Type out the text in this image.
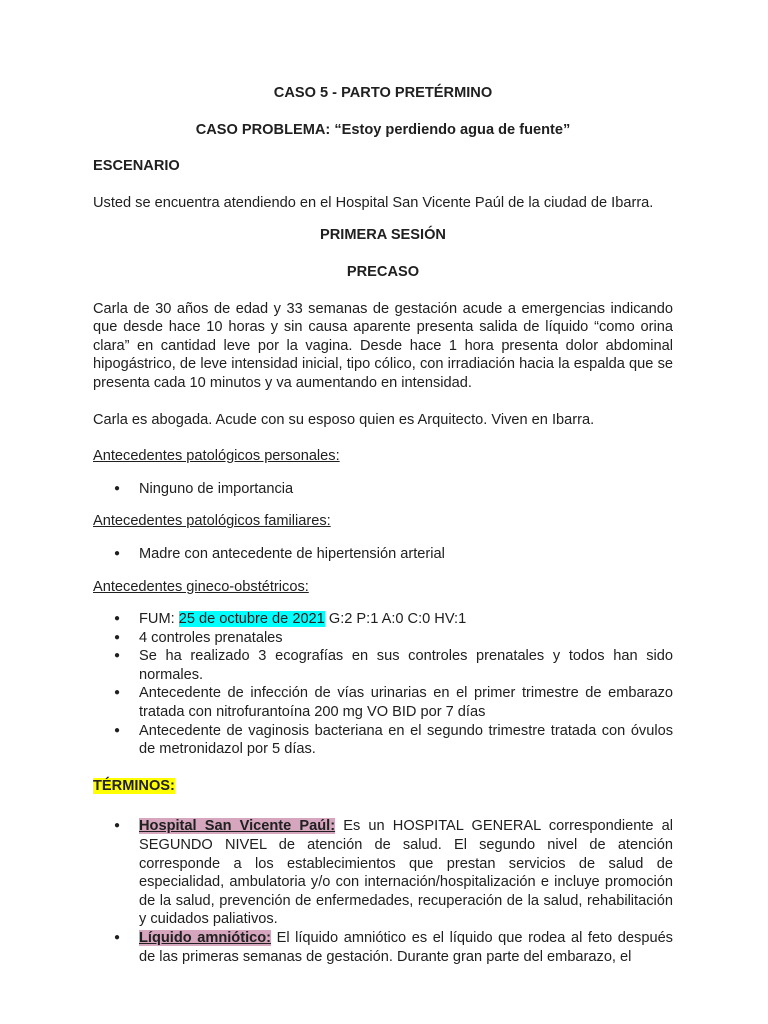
CASO 5 - PARTO PRETÉRMINO

CASO PROBLEMA: “Estoy perdiendo agua de fuente”

ESCENARIO

Usted se encuentra atendiendo en el Hospital San Vicente Paúl de la ciudad de Ibarra.

PRIMERA SESIÓN

PRECASO

Carla de 30 años de edad y 33 semanas de gestación acude a emergencias indicando que desde hace 10 horas y sin causa aparente presenta salida de líquido “como orina clara” en cantidad leve por la vagina. Desde hace 1 hora presenta dolor abdominal hipogástrico, de leve intensidad inicial, tipo cólico, con irradiación hacia la espalda que se presenta cada 10 minutos y va aumentando en intensidad.

Carla es abogada. Acude con su esposo quien es Arquitecto. Viven en Ibarra.

Antecedentes patológicos personales:

● Ninguno de importancia

Antecedentes patológicos familiares:

● Madre con antecedente de hipertensión arterial

Antecedentes gineco-obstétricos:

● FUM: 25 de octubre de 2021 G:2 P:1 A:0 C:0 HV:1
● 4 controles prenatales
● Se ha realizado 3 ecografías en sus controles prenatales y todos han sido normales.
● Antecedente de infección de vías urinarias en el primer trimestre de embarazo tratada con nitrofurantoína 200 mg VO BID por 7 días
● Antecedente de vaginosis bacteriana en el segundo trimestre tratada con óvulos de metronidazol por 5 días.

TÉRMINOS:

● Hospital San Vicente Paúl: Es un HOSPITAL GENERAL correspondiente al SEGUNDO NIVEL de atención de salud. El segundo nivel de atención corresponde a los establecimientos que prestan servicios de salud de especialidad, ambulatoria y/o con internación/hospitalización e incluye promoción de la salud, prevención de enfermedades, recuperación de la salud, rehabilitación y cuidados paliativos.
● Líquido amniótico: El líquido amniótico es el líquido que rodea al feto después de las primeras semanas de gestación. Durante gran parte del embarazo, el
